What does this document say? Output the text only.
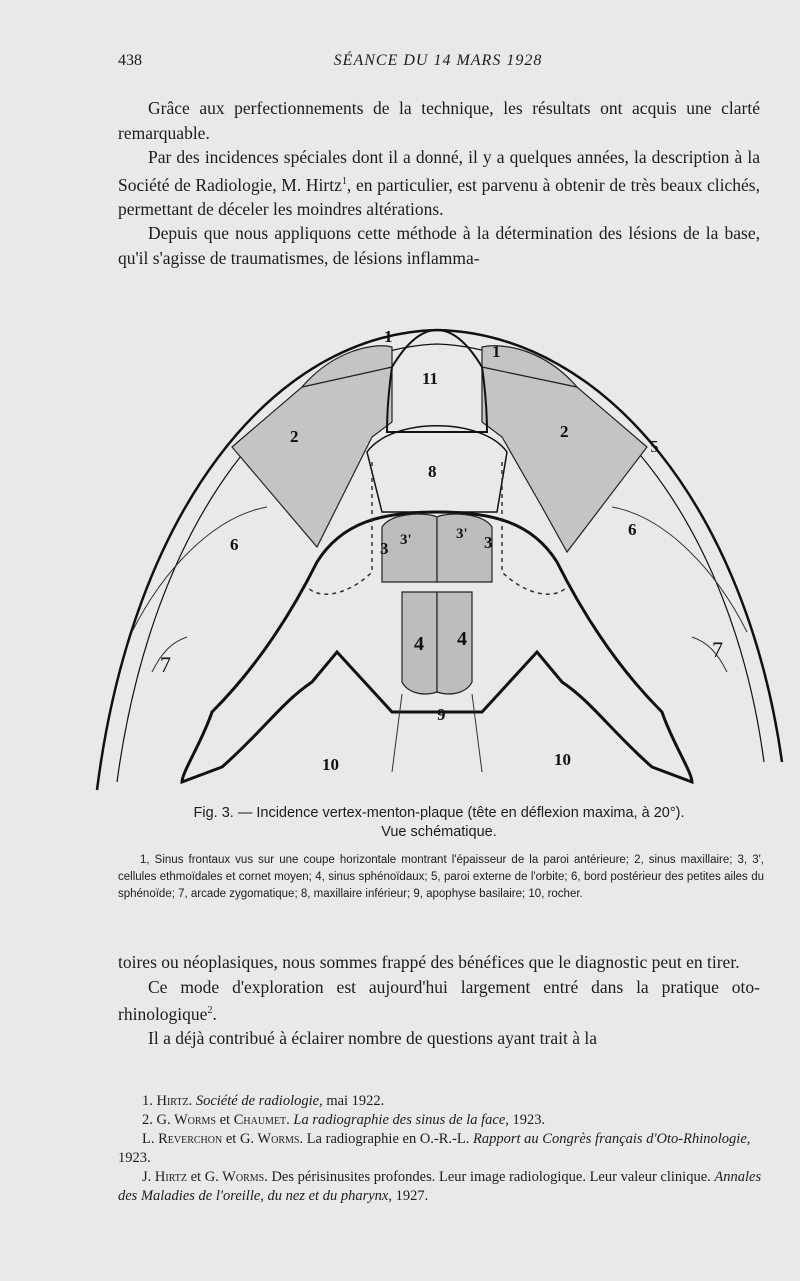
438	SÉANCE DU 14 MARS 1928

Grâce aux perfectionnements de la technique, les résultats ont acquis une clarté remarquable.

Par des incidences spéciales dont il a donné, il y a quelques années, la description à la Société de Radiologie, M. Hirtz$^1$, en particulier, est parvenu à obtenir de très beaux clichés, permettant de déceler les moindres altérations.

Depuis que nous appliquons cette méthode à la détermination des lésions de la base, qu'il s'agisse de traumatismes, de lésions inflamma-

1
1
11
2	2
5
8
6
6
3 3'	3' 3
4 4
7
7
9
10	10
Fig. 3. — Incidence vertex-menton-plaque (tête en déflexion maxima, à 20°).
Vue schématique.
1, Sinus frontaux vus sur une coupe horizontale montrant l'épaisseur de la paroi antérieure; 2, sinus maxillaire; 3, 3', cellules ethmoïdales et cornet moyen; 4, sinus sphénoïdaux; 5, paroi externe de l'orbite; 6, bord postérieur des petites ailes du sphénoïde; 7, arcade zygomatique; 8, maxillaire inférieur; 9, apophyse basilaire; 10, rocher.

toires ou néoplasiques, nous sommes frappé des bénéfices que le diagnostic peut en tirer.

Ce mode d'exploration est aujourd'hui largement entré dans la pratique oto-rhinologique$^2$.

Il a déjà contribué à éclairer nombre de questions ayant trait à la

1. Hirtz. Société de radiologie, mai 1922.
2. G. Worms et Chaumet. La radiographie des sinus de la face, 1923.
L. Reverchon et G. Worms. La radiographie en O.-R.-L. Rapport au Congrès français d'Oto-Rhinologie, 1923.
J. Hirtz et G. Worms. Des périsinusites profondes. Leur image radiologique. Leur valeur clinique. Annales des Maladies de l'oreille, du nez et du pharynx, 1927.
